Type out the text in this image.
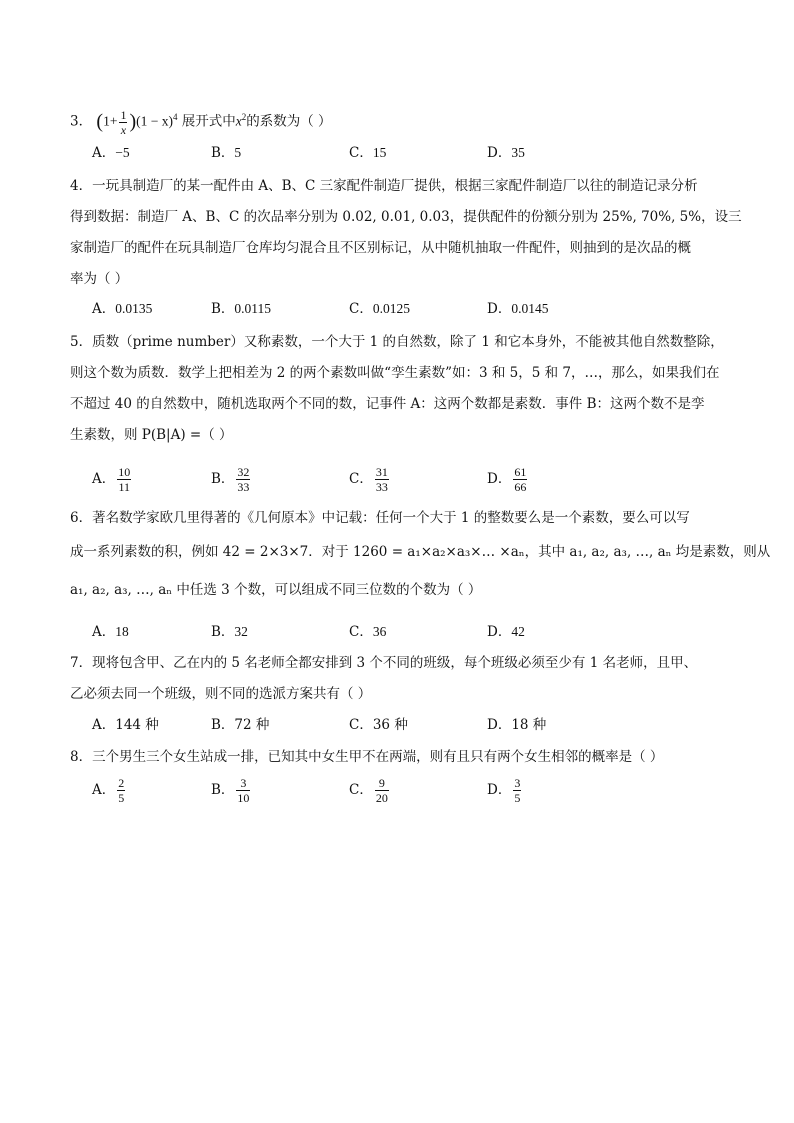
3． $(1+ \frac{1}{x} )(1 - x)^4$ 展开式中$x^2$的系数为（ ）
A．−5	B．5	C．15	D．35
4．一玩具制造厂的某一配件由 A、B、C 三家配件制造厂提供，根据三家配件制造厂以往的制造记录分析
得到数据：制造厂 A、B、C 的次品率分别为 0.02, 0.01, 0.03，提供配件的份额分别为 25%, 70%, 5%，设三
家制造厂的配件在玩具制造厂仓库均匀混合且不区别标记，从中随机抽取一件配件，则抽到的是次品的概
率为（ ）
A．0.0135	B．0.0115	C．0.0125	D．0.0145
5．质数（prime number）又称素数，一个大于 1 的自然数，除了 1 和它本身外，不能被其他自然数整除，
则这个数为质数．数学上把相差为 2 的两个素数叫做“孪生素数”如：3 和 5，5 和 7，…，那么，如果我们在
不超过 40 的自然数中，随机选取两个不同的数，记事件 A：这两个数都是素数．事件 B：这两个数不是孪
生素数，则 P(B|A) =（ ）
A． $\frac{10}{11}$	B． $\frac{32}{33}$	C． $\frac{31}{33}$	D． $\frac{61}{66}$
6．著名数学家欧几里得著的《几何原本》中记载：任何一个大于 1 的整数要么是一个素数，要么可以写
成一系列素数的积，例如 42 = 2×3×7．对于 1260 = a₁×a₂×a₃×… ×aₙ，其中 a₁, a₂, a₃, …, aₙ 均是素数，则从
a₁, a₂, a₃, …, aₙ 中任选 3 个数，可以组成不同三位数的个数为（ ）
A．18	B．32	C．36	D．42
7．现将包含甲、乙在内的 5 名老师全都安排到 3 个不同的班级，每个班级必须至少有 1 名老师，且甲、
乙必须去同一个班级，则不同的选派方案共有（ ）
A．144 种	B．72 种	C．36 种	D．18 种
8．三个男生三个女生站成一排，已知其中女生甲不在两端，则有且只有两个女生相邻的概率是（ ）
A． $\frac{2}{5}$	B． $\frac{3}{10}$	C． $\frac{9}{20}$	D． $\frac{3}{5}$
